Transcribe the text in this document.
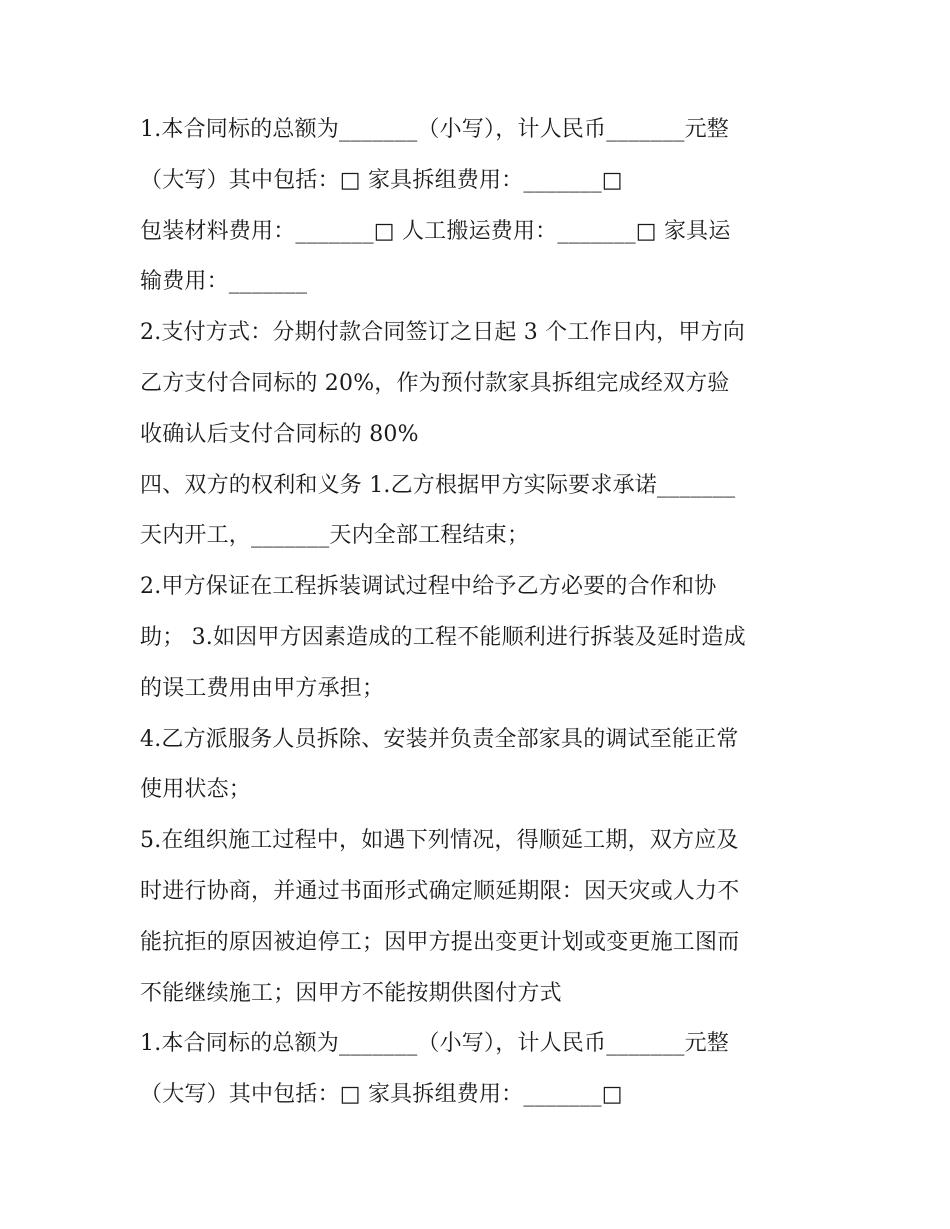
1.本合同标的总额为_______（小写），计人民币_______元整
（大写）其中包括：□ 家具拆组费用：_______□
包装材料费用：_______□ 人工搬运费用：_______□ 家具运
输费用：_______
2.支付方式：分期付款合同签订之日起 3 个工作日内，甲方向
乙方支付合同标的 20%，作为预付款家具拆组完成经双方验
收确认后支付合同标的 80%
四、双方的权利和义务 1.乙方根据甲方实际要求承诺_______
天内开工，_______天内全部工程结束；
2.甲方保证在工程拆装调试过程中给予乙方必要的合作和协
助； 3.如因甲方因素造成的工程不能顺利进行拆装及延时造成
的误工费用由甲方承担；
4.乙方派服务人员拆除、安装并负责全部家具的调试至能正常
使用状态；
5.在组织施工过程中，如遇下列情况，得顺延工期，双方应及
时进行协商，并通过书面形式确定顺延期限：因天灾或人力不
能抗拒的原因被迫停工；因甲方提出变更计划或变更施工图而
不能继续施工；因甲方不能按期供图付方式
1.本合同标的总额为_______（小写），计人民币_______元整
（大写）其中包括：□ 家具拆组费用：_______□
